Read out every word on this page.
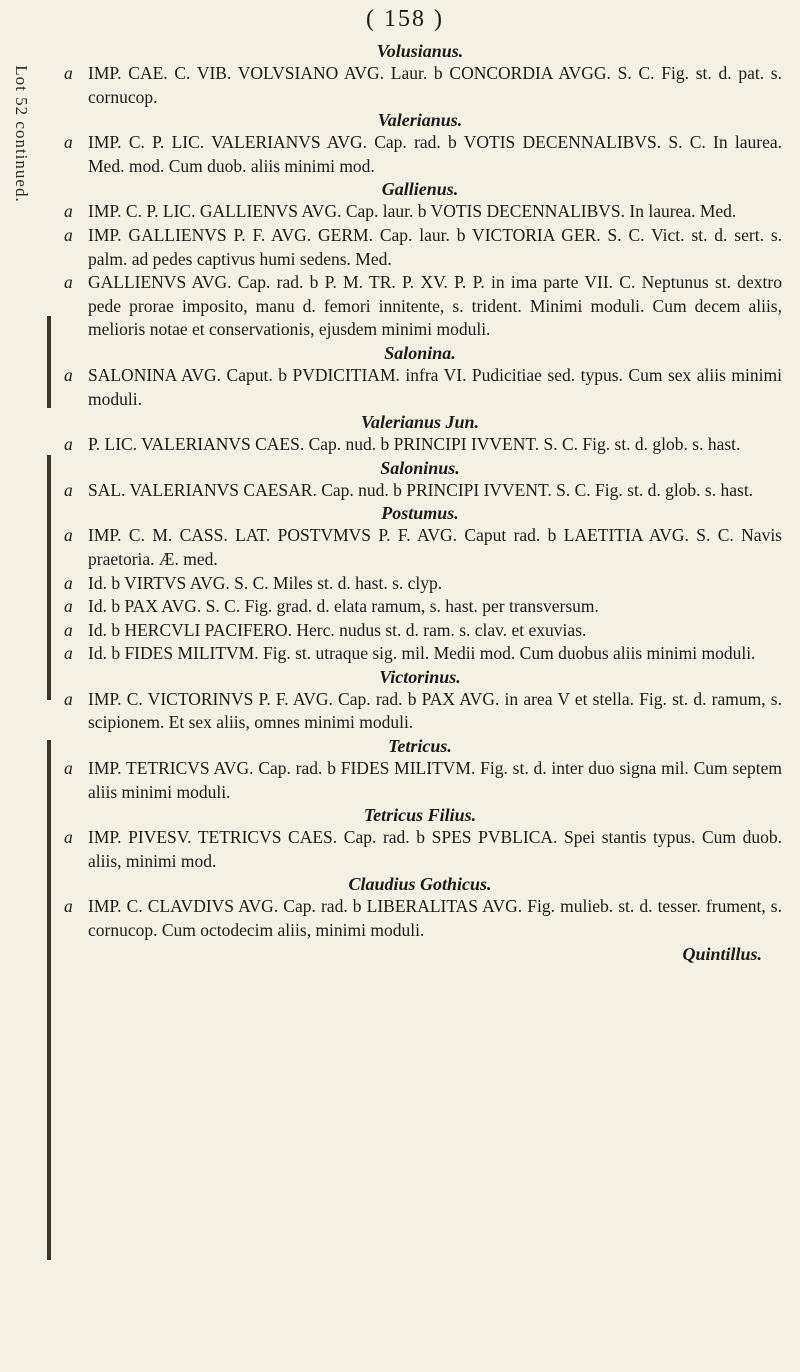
Lot 52 continued.
( 158 )
Volusianus.
a IMP. CAE. C. VIB. VOLVSIANO AVG. Laur. b CONCORDIA AVGG. S. C. Fig. st. d. pat. s. cornucop.

Valerianus.
a IMP. C. P. LIC. VALERIANVS AVG. Cap. rad. b VOTIS DECENNALIBVS. S. C. In laurea. Med. mod. Cum duob. aliis minimi mod.

Gallienus.
a IMP. C. P. LIC. GALLIENVS AVG. Cap. laur. b VOTIS DECENNALIBVS. In laurea. Med.

a IMP. GALLIENVS P. F. AVG. GERM. Cap. laur. b VICTORIA GER. S. C. Vict. st. d. sert. s. palm. ad pedes captivus humi sedens. Med.

a GALLIENVS AVG. Cap. rad. b P. M. TR. P. XV. P. P. in ima parte VII. C. Neptunus st. dextro pede prorae imposito, manu d. femori innitente, s. trident. Minimi moduli. Cum decem aliis, melioris notae et conservationis, ejusdem minimi moduli.

Salonina.
a SALONINA AVG. Caput. b PVDICITIAM. infra VI. Pudicitiae sed. typus. Cum sex aliis minimi moduli.

Valerianus Jun.
a P. LIC. VALERIANVS CAES. Cap. nud. b PRINCIPI IVVENT. S. C. Fig. st. d. glob. s. hast.

Saloninus.
a SAL. VALERIANVS CAESAR. Cap. nud. b PRINCIPI IVVENT. S. C. Fig. st. d. glob. s. hast.

Postumus.
a IMP. C. M. CASS. LAT. POSTVMVS P. F. AVG. Caput rad. b LAETITIA AVG. S. C. Navis praetoria. Æ. med.

a Id. b VIRTVS AVG. S. C. Miles st. d. hast. s. clyp.

a Id. b PAX AVG. S. C. Fig. grad. d. elata ramum, s. hast. per transversum.

a Id. b HERCVLI PACIFERO. Herc. nudus st. d. ram. s. clav. et exuvias.

a Id. b FIDES MILITVM. Fig. st. utraque sig. mil. Medii mod. Cum duobus aliis minimi moduli.

Victorinus.
a IMP. C. VICTORINVS P. F. AVG. Cap. rad. b PAX AVG. in area V et stella. Fig. st. d. ramum, s. scipionem. Et sex aliis, omnes minimi moduli.

Tetricus.
a IMP. TETRICVS AVG. Cap. rad. b FIDES MILITVM. Fig. st. d. inter duo signa mil. Cum septem aliis minimi moduli.

Tetricus Filius.
a IMP. PIVESV. TETRICVS CAES. Cap. rad. b SPES PVBLICA. Spei stantis typus. Cum duob. aliis, minimi mod.

Claudius Gothicus.
a IMP. C. CLAVDIVS AVG. Cap. rad. b LIBERALITAS AVG. Fig. mulieb. st. d. tesser. frument, s. cornucop. Cum octodecim aliis, minimi moduli.

Quintillus.
